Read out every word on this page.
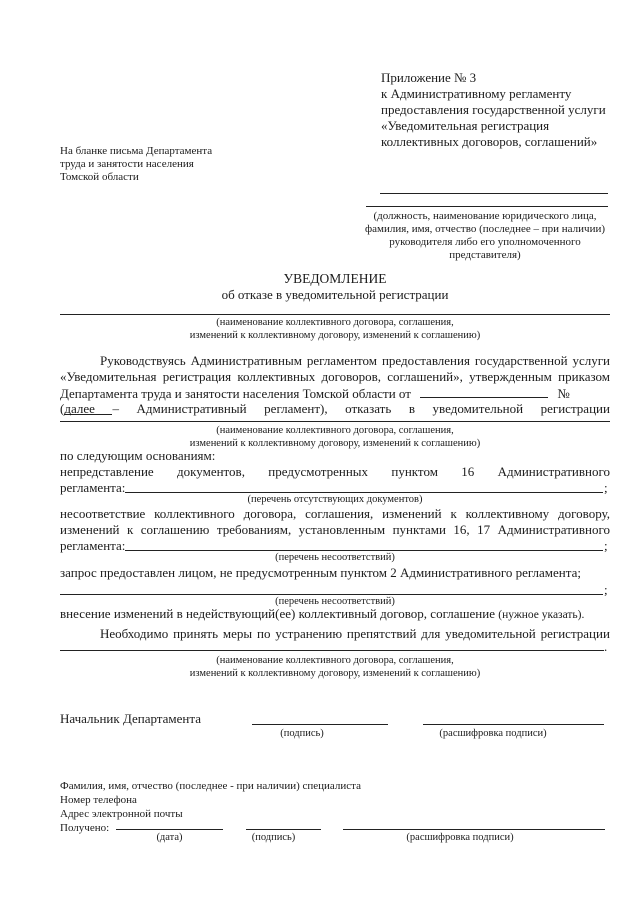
Приложение № 3
к Административному регламенту
предоставления государственной услуги
«Уведомительная регистрация
коллективных договоров, соглашений»
На бланке письма Департамента
труда и занятости населения
Томской области
(должность, наименование юридического лица,
фамилия, имя, отчество (последнее – при наличии)
руководителя либо его уполномоченного
представителя)
УВЕДОМЛЕНИЕ
об отказе в уведомительной регистрации
(наименование коллективного договора, соглашения,
изменений к коллективному договору, изменений к соглашению)
Руководствуясь Административным регламентом предоставления государственной услуги
«Уведомительная регистрация коллективных договоров, соглашений», утвержденным приказом
Департамента труда и занятости населения Томской области от	№
(далее – Административный регламент), отказать в уведомительной регистрации
(наименование коллективного договора, соглашения,
изменений к коллективному договору, изменений к соглашению)
по следующим основаниям:
непредставление документов, предусмотренных пунктом 16 Административного
регламента:	;
(перечень отсутствующих документов)
несоответствие коллективного договора, соглашения, изменений к коллективному договору,
изменений к соглашению требованиям, установленным пунктами 16, 17 Административного
регламента:	;
(перечень несоответствий)
запрос предоставлен лицом, не предусмотренным пунктом 2 Административного регламента;
;
(перечень несоответствий)
внесение изменений в недействующий(ее) коллективный договор, соглашение (нужное указать).
Необходимо принять меры по устранению препятствий для уведомительной регистрации
.
(наименование коллективного договора, соглашения,
изменений к коллективному договору, изменений к соглашению)
Начальник Департамента
(подпись)	(расшифровка подписи)
Фамилия, имя, отчество (последнее - при наличии) специалиста
Номер телефона
Адрес электронной почты
Получено:
(дата)	(подпись)	(расшифровка подписи)
